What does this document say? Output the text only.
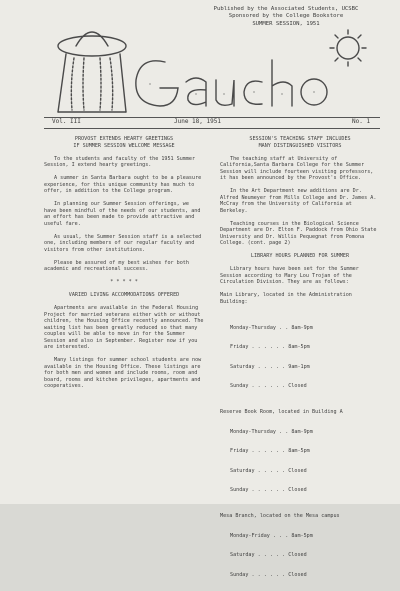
Published by the Associated Students, UCSBC
Sponsored by the College Bookstore
SUMMER SESSION, 1951
Vol. III	June 18, 1951	No. 1
PROVOST EXTENDS HEARTY GREETINGS
IF SUMMER SESSION WELCOME MESSAGE

To the students and faculty of the 1951 Summer Session, I extend hearty greetings.

A summer in Santa Barbara ought to be a pleasure experience, for this unique community has much to offer, in addition to the College program.

In planning our Summer Session offerings, we have been mindful of the needs of our students, and an effort has been made to provide attractive and useful fare.

As usual, the Summer Session staff is a selected one, including members of our regular faculty and visitors from other institutions.

Please be assured of my best wishes for both academic and recreational success.

* * * * *
VARIED LIVING ACCOMMODATIONS OFFERED

Apartments are available in the Federal Housing Project for married veterans either with or without children, the Housing Office recently announced. The waiting list has been greatly reduced so that many couples will be able to move in for the Summer Session and also in September. Register now if you are interested.

Many listings for summer school students are now available in the Housing Office. These listings are for both men and women and include rooms, room and board, rooms and kitchen privileges, apartments and cooperatives.

SESSION'S TEACHING STAFF INCLUDES
MANY DISTINGUISHED VISITORS

The teaching staff at University of California,Santa Barbara College for the Summer Session will include fourteen visiting professors, it has been announced by the Provost's Office.

In the Art Department new additions are Dr. Alfred Neumeyer from Mills College and Dr. James A. McCray from the University of California at Berkeley.

Teaching courses in the Biological Science Department are Dr. Elton F. Paddock from Ohio State University and Dr. Willis Pequegnat from Pomona College. (cont. page 2)

LIBRARY HOURS PLANNED FOR SUMMER

Library hours have been set for the Summer Session according to Mary Lou Trojan of the Circulation Division. They are as follows:

Main Library, located in the Administration Building:

Monday-Thursday . . 8am-9pm

Friday . . . . . . 8am-5pm

Saturday . . . . . 9am-1pm

Sunday . . . . . . Closed

Reserve Book Room, located in Building A

Monday-Thursday . . 8am-9pm

Friday . . . . . . 8am-5pm

Saturday . . . . . Closed

Sunday . . . . . . Closed

Mesa Branch, located on the Mesa campus

Monday-Friday . . . 8am-5pm

Saturday . . . . . Closed

Sunday . . . . . . Closed
